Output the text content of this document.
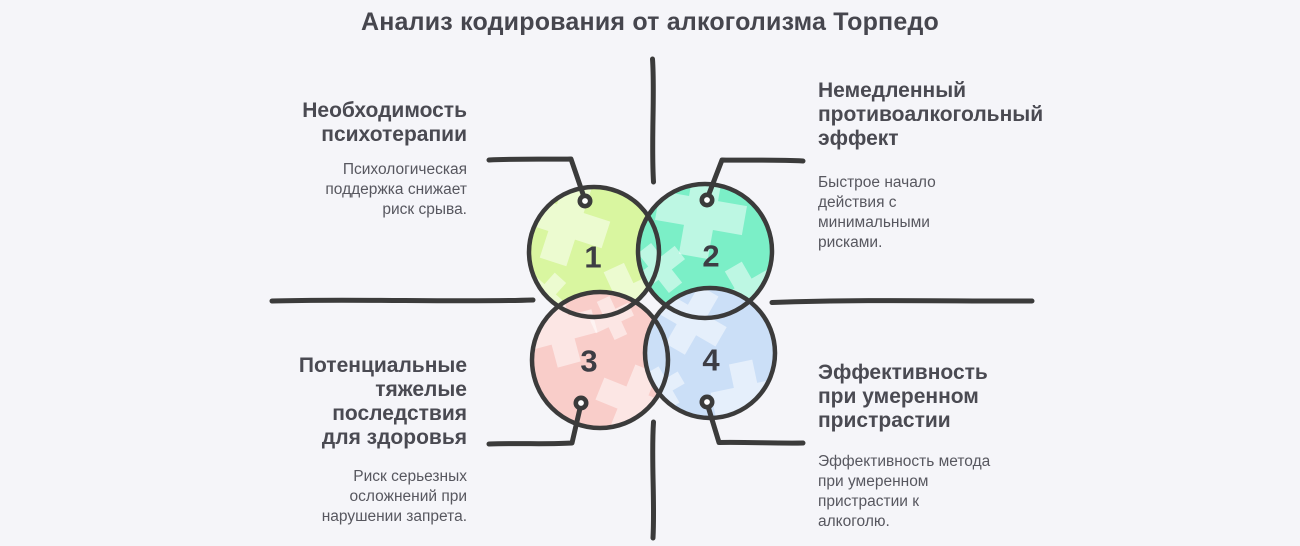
Анализ кодирования от алкоголизма Торпедо
1	2
3	4
Необходимость
психотерапии
Психологическая
поддержка снижает
риск срыва.
Немедленный
противоалкогольный
эффект
Быстрое начало
действия с
минимальными
рисками.
Потенциальные
тяжелые
последствия
для здоровья
Риск серьезных
осложнений при
нарушении запрета.
Эффективность
при умеренном
пристрастии
Эффективность метода
при умеренном
пристрастии к
алкоголю.
